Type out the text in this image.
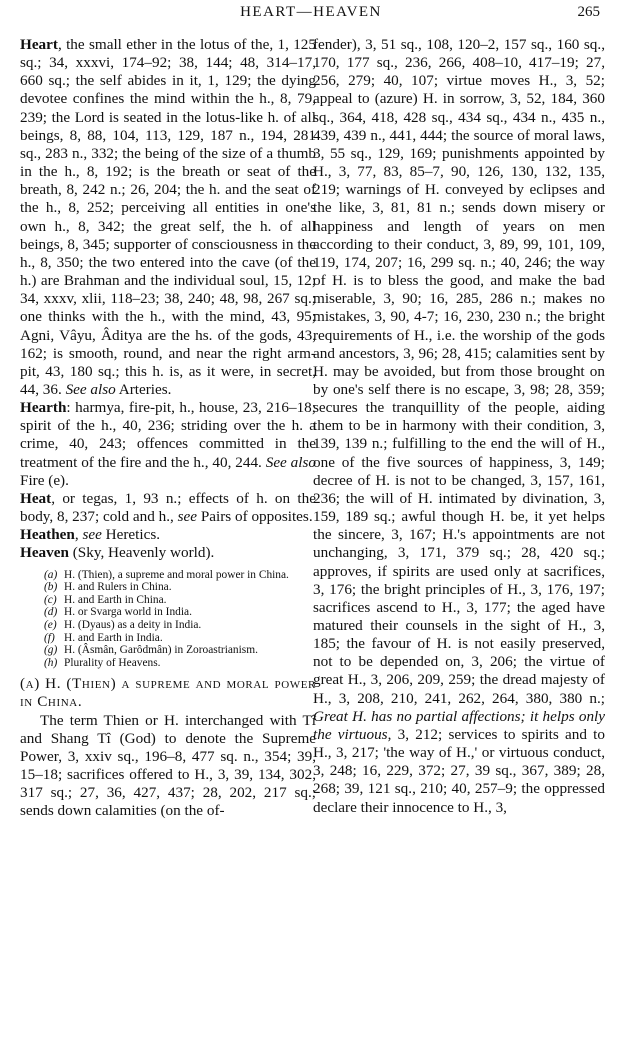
HEART—HEAVEN	265

Heart, the small ether in the lotus of the, 1, 125 sq.; 34, xxxvi, 174–92; 38, 144; 48, 314–17, 660 sq.; the self abides in it, 1, 129; the dying devotee confines the mind within the h., 8, 79, 239; the Lord is seated in the lotus-like h. of all beings, 8, 88, 104, 113, 129, 187 n., 194, 281 sq., 283 n., 332; the being of the size of a thumb in the h., 8, 192; is the breath or seat of the breath, 8, 242 n.; 26, 204; the h. and the seat of the h., 8, 252; perceiving all entities in one's own h., 8, 342; the great self, the h. of all beings, 8, 345; supporter of consciousness in the h., 8, 350; the two entered into the cave (of the h.) are Brahman and the individual soul, 15, 12; 34, xxxv, xlii, 118–23; 38, 240; 48, 98, 267 sq.; one thinks with the h., with the mind, 43, 95; Agni, Vâyu, Âditya are the hs. of the gods, 43, 162; is smooth, round, and near the right arm-pit, 43, 180 sq.; this h. is, as it were, in secret, 44, 36. See also Arteries.

Hearth: harmya, fire-pit, h., house, 23, 216–18; spirit of the h., 40, 236; striding over the h. a crime, 40, 243; offences committed in the treatment of the fire and the h., 40, 244. See also Fire (e).

Heat, or tegas, 1, 93 n.; effects of h. on the body, 8, 237; cold and h., see Pairs of opposites.

Heathen, see Heretics.

Heaven (Sky, Heavenly world).

(a) H. (Thien), a supreme and moral power in China.
(b) H. and Rulers in China.
(c) H. and Earth in China.
(d) H. or Svarga world in India.
(e) H. (Dyaus) as a deity in India.
(f) H. and Earth in India.
(g) H. (Âsmân, Garôdmân) in Zoroastrianism.
(h) Plurality of Heavens.

(a) H. (Thien) a supreme and moral power in China.

The term Thien or H. interchanged with Tî and Shang Tî (God) to denote the Supreme Power, 3, xxiv sq., 196–8, 477 sq. n., 354; 39, 15–18; sacrifices offered to H., 3, 39, 134, 302, 317 sq.; 27, 36, 427, 437; 28, 202, 217 sq.; sends down calamities (on the of-

fender), 3, 51 sq., 108, 120–2, 157 sq., 160 sq., 170, 177 sq., 236, 266, 408–10, 417–19; 27, 256, 279; 40, 107; virtue moves H., 3, 52; appeal to (azure) H. in sorrow, 3, 52, 184, 360 sq., 364, 418, 428 sq., 434 sq., 434 n., 435 n., 439, 439 n., 441, 444; the source of moral laws, 3, 55 sq., 129, 169; punishments appointed by H., 3, 77, 83, 85–7, 90, 126, 130, 132, 135, 219; warnings of H. conveyed by eclipses and the like, 3, 81, 81 n.; sends down misery or happiness and length of years on men according to their conduct, 3, 89, 99, 101, 109, 119, 174, 207; 16, 299 sq. n.; 40, 246; the way of H. is to bless the good, and make the bad miserable, 3, 90; 16, 285, 286 n.; makes no mistakes, 3, 90, 4-7; 16, 230, 230 n.; the bright requirements of H., i.e. the worship of the gods and ancestors, 3, 96; 28, 415; calamities sent by H. may be avoided, but from those brought on by one's self there is no escape, 3, 98; 28, 359; secures the tranquillity of the people, aiding them to be in harmony with their condition, 3, 139, 139 n.; fulfilling to the end the will of H., one of the five sources of happiness, 3, 149; decree of H. is not to be changed, 3, 157, 161, 236; the will of H. intimated by divination, 3, 159, 189 sq.; awful though H. be, it yet helps the sincere, 3, 167; H.'s appointments are not unchanging, 3, 171, 379 sq.; 28, 420 sq.; approves, if spirits are used only at sacrifices, 3, 176; the bright principles of H., 3, 176, 197; sacrifices ascend to H., 3, 177; the aged have matured their counsels in the sight of H., 3, 185; the favour of H. is not easily preserved, not to be depended on, 3, 206; the virtue of great H., 3, 206, 209, 259; the dread majesty of H., 3, 208, 210, 241, 262, 264, 380, 380 n.; Great H. has no partial affections; it helps only the virtuous, 3, 212; services to spirits and to H., 3, 217; 'the way of H.,' or virtuous conduct, 3, 248; 16, 229, 372; 27, 39 sq., 367, 389; 28, 268; 39, 121 sq., 210; 40, 257–9; the oppressed declare their innocence to H., 3,
